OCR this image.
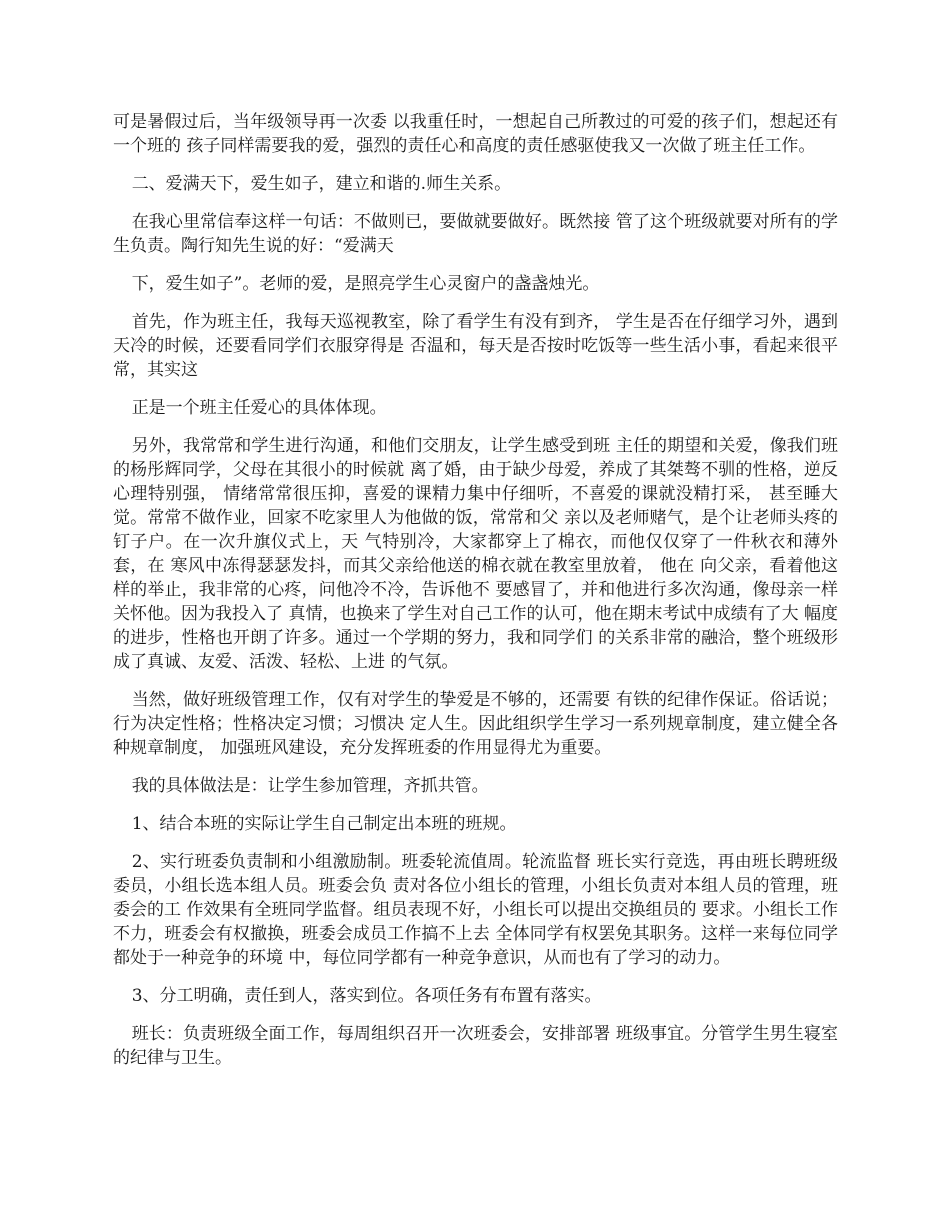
可是暑假过后，当年级领导再一次委 以我重任时，一想起自己所教过的可爱的孩子们，想起还有一个班的 孩子同样需要我的爱，强烈的责任心和高度的责任感驱使我又一次做了班主任工作。

二、爱满天下，爱生如子，建立和谐的.师生关系。

在我心里常信奉这样一句话：不做则已，要做就要做好。既然接 管了这个班级就要对所有的学生负责。陶行知先生说的好：“爱满天

下，爱生如子”。老师的爱，是照亮学生心灵窗户的盏盏烛光。

首先，作为班主任，我每天巡视教室，除了看学生有没有到齐， 学生是否在仔细学习外，遇到天冷的时候，还要看同学们衣服穿得是 否温和，每天是否按时吃饭等一些生活小事，看起来很平常，其实这

正是一个班主任爱心的具体体现。

另外，我常常和学生进行沟通，和他们交朋友，让学生感受到班 主任的期望和关爱，像我们班的杨彤辉同学，父母在其很小的时候就 离了婚，由于缺少母爱，养成了其桀骜不驯的性格，逆反心理特别强， 情绪常常很压抑，喜爱的课精力集中仔细听，不喜爱的课就没精打采， 甚至睡大觉。常常不做作业，回家不吃家里人为他做的饭，常常和父 亲以及老师赌气，是个让老师头疼的钉子户。在一次升旗仪式上，天 气特别冷，大家都穿上了棉衣，而他仅仅穿了一件秋衣和薄外套，在 寒风中冻得瑟瑟发抖，而其父亲给他送的棉衣就在教室里放着， 他在 向父亲，看着他这样的举止，我非常的心疼，问他冷不冷，告诉他不 要感冒了，并和他进行多次沟通，像母亲一样关怀他。因为我投入了 真情，也换来了学生对自己工作的认可，他在期末考试中成绩有了大 幅度的进步，性格也开朗了许多。通过一个学期的努力，我和同学们 的关系非常的融洽，整个班级形成了真诚、友爱、活泼、轻松、上进 的气氛。

当然，做好班级管理工作，仅有对学生的挚爱是不够的，还需要 有铁的纪律作保证。俗话说；行为决定性格；性格决定习惯；习惯决 定人生。因此组织学生学习一系列规章制度，建立健全各种规章制度， 加强班风建设，充分发挥班委的作用显得尤为重要。

我的具体做法是：让学生参加管理，齐抓共管。

1、结合本班的实际让学生自己制定出本班的班规。

2、实行班委负责制和小组激励制。班委轮流值周。轮流监督 班长实行竞选，再由班长聘班级委员，小组长选本组人员。班委会负 责对各位小组长的管理，小组长负责对本组人员的管理，班委会的工 作效果有全班同学监督。组员表现不好，小组长可以提出交换组员的 要求。小组长工作不力，班委会有权撤换，班委会成员工作搞不上去 全体同学有权罢免其职务。这样一来每位同学都处于一种竞争的环境 中，每位同学都有一种竞争意识，从而也有了学习的动力。

3、分工明确，责任到人，落实到位。各项任务有布置有落实。

班长：负责班级全面工作，每周组织召开一次班委会，安排部署 班级事宜。分管学生男生寝室的纪律与卫生。
